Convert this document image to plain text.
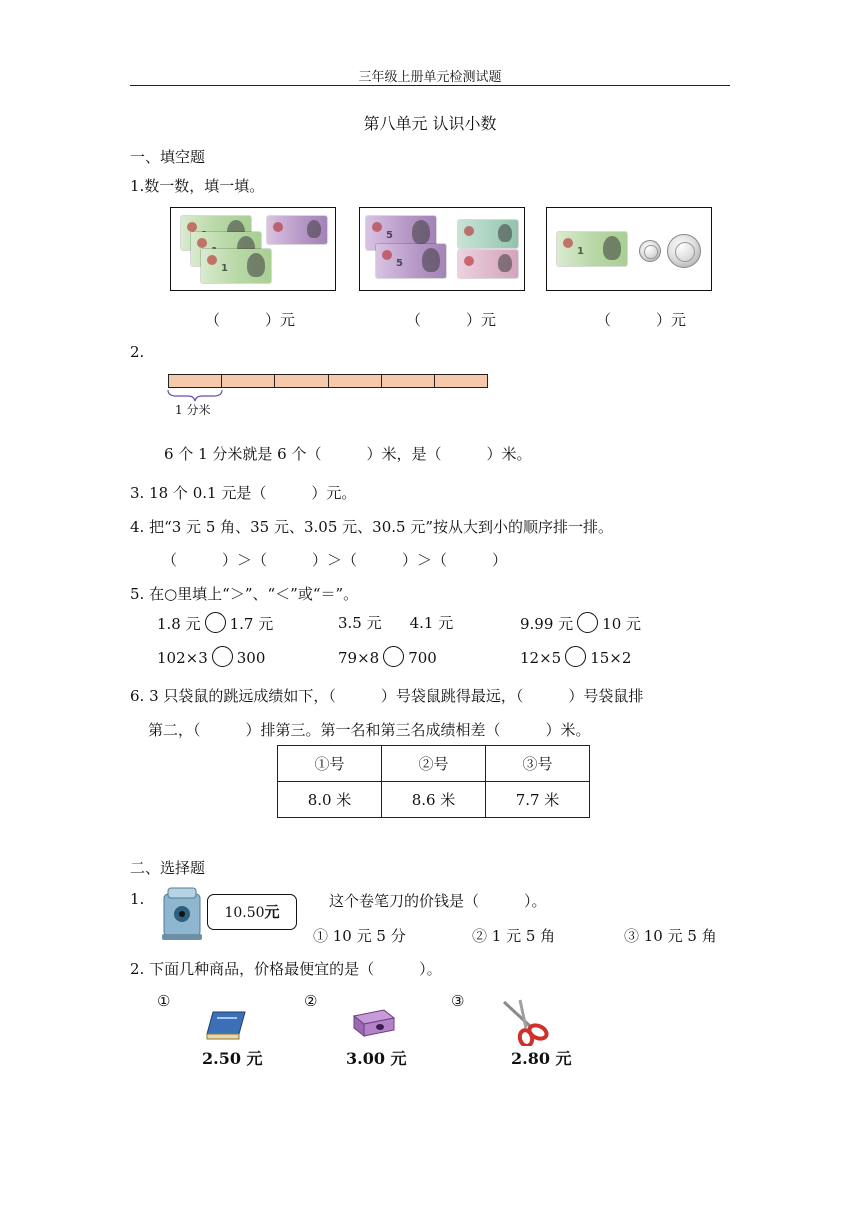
三年级上册单元检测试题
第八单元 认识小数
一、填空题
1.数一数，填一填。
1
5
5
1
（　　　）元	（　　　）元	（　　　）元
2.
1 分米
6 个 1 分米就是 6 个（　　　）米，是（　　　）米。
3. 18 个 0.1 元是（　　　）元。
4. 把“3 元 5 角、35 元、3.05 元、30.5 元”按从大到小的顺序排一排。
（　　　）＞（　　　）＞（　　　）＞（　　　）
5. 在○里填上“＞”、“＜”或“＝”。
1.8 元 1.7 元	3.5 元 4.1 元	9.99 元 10 元
102×3 300	79×8 700	12×5 15×2
6. 3 只袋鼠的跳远成绩如下，（　　　）号袋鼠跳得最远，（　　　）号袋鼠排
第二，（　　　）排第三。第一名和第三名成绩相差（　　　）米。
①号	②号	③号
8.0 米	8.6 米	7.7 米
二、选择题
1.
10.50元
这个卷笔刀的价钱是（　　　）。
① 10 元 5 分	② 1 元 5 角	③ 10 元 5 角
2. 下面几种商品，价格最便宜的是（　　　）。
①	②	③
2.50 元	3.00 元	2.80 元
